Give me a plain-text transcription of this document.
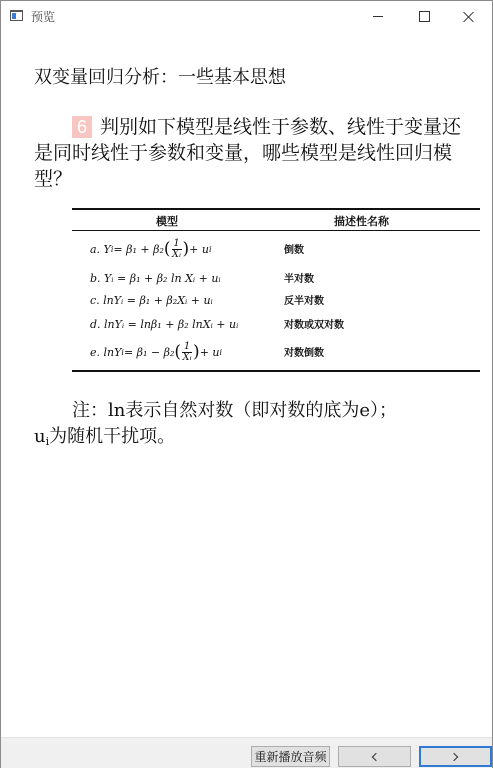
预览
双变量回归分析：一些基本思想
6 判别如下模型是线性于参数、线性于变量还是同时线性于参数和变量，哪些模型是线性回归模型？
模型	描述性名称
a. Y i = β₁ + β₂ ( $\frac{1}{\text{Xᵢ}}$ ) + u i	倒数
b. Yᵢ = β₁ + β₂ ln Xᵢ + uᵢ	半对数
c. lnYᵢ = β₁ + β₂Xᵢ + uᵢ	反半对数
d. lnYᵢ = lnβ₁ + β₂ lnXᵢ + uᵢ	对数或双对数
e. lnY i = β₁ − β₂ ( $\frac{1}{\text{Xᵢ}}$ ) + u i	对数倒数
注：ln表示自然对数（即对数的底为e）；
$u_i$为随机干扰项。
重新播放音频
